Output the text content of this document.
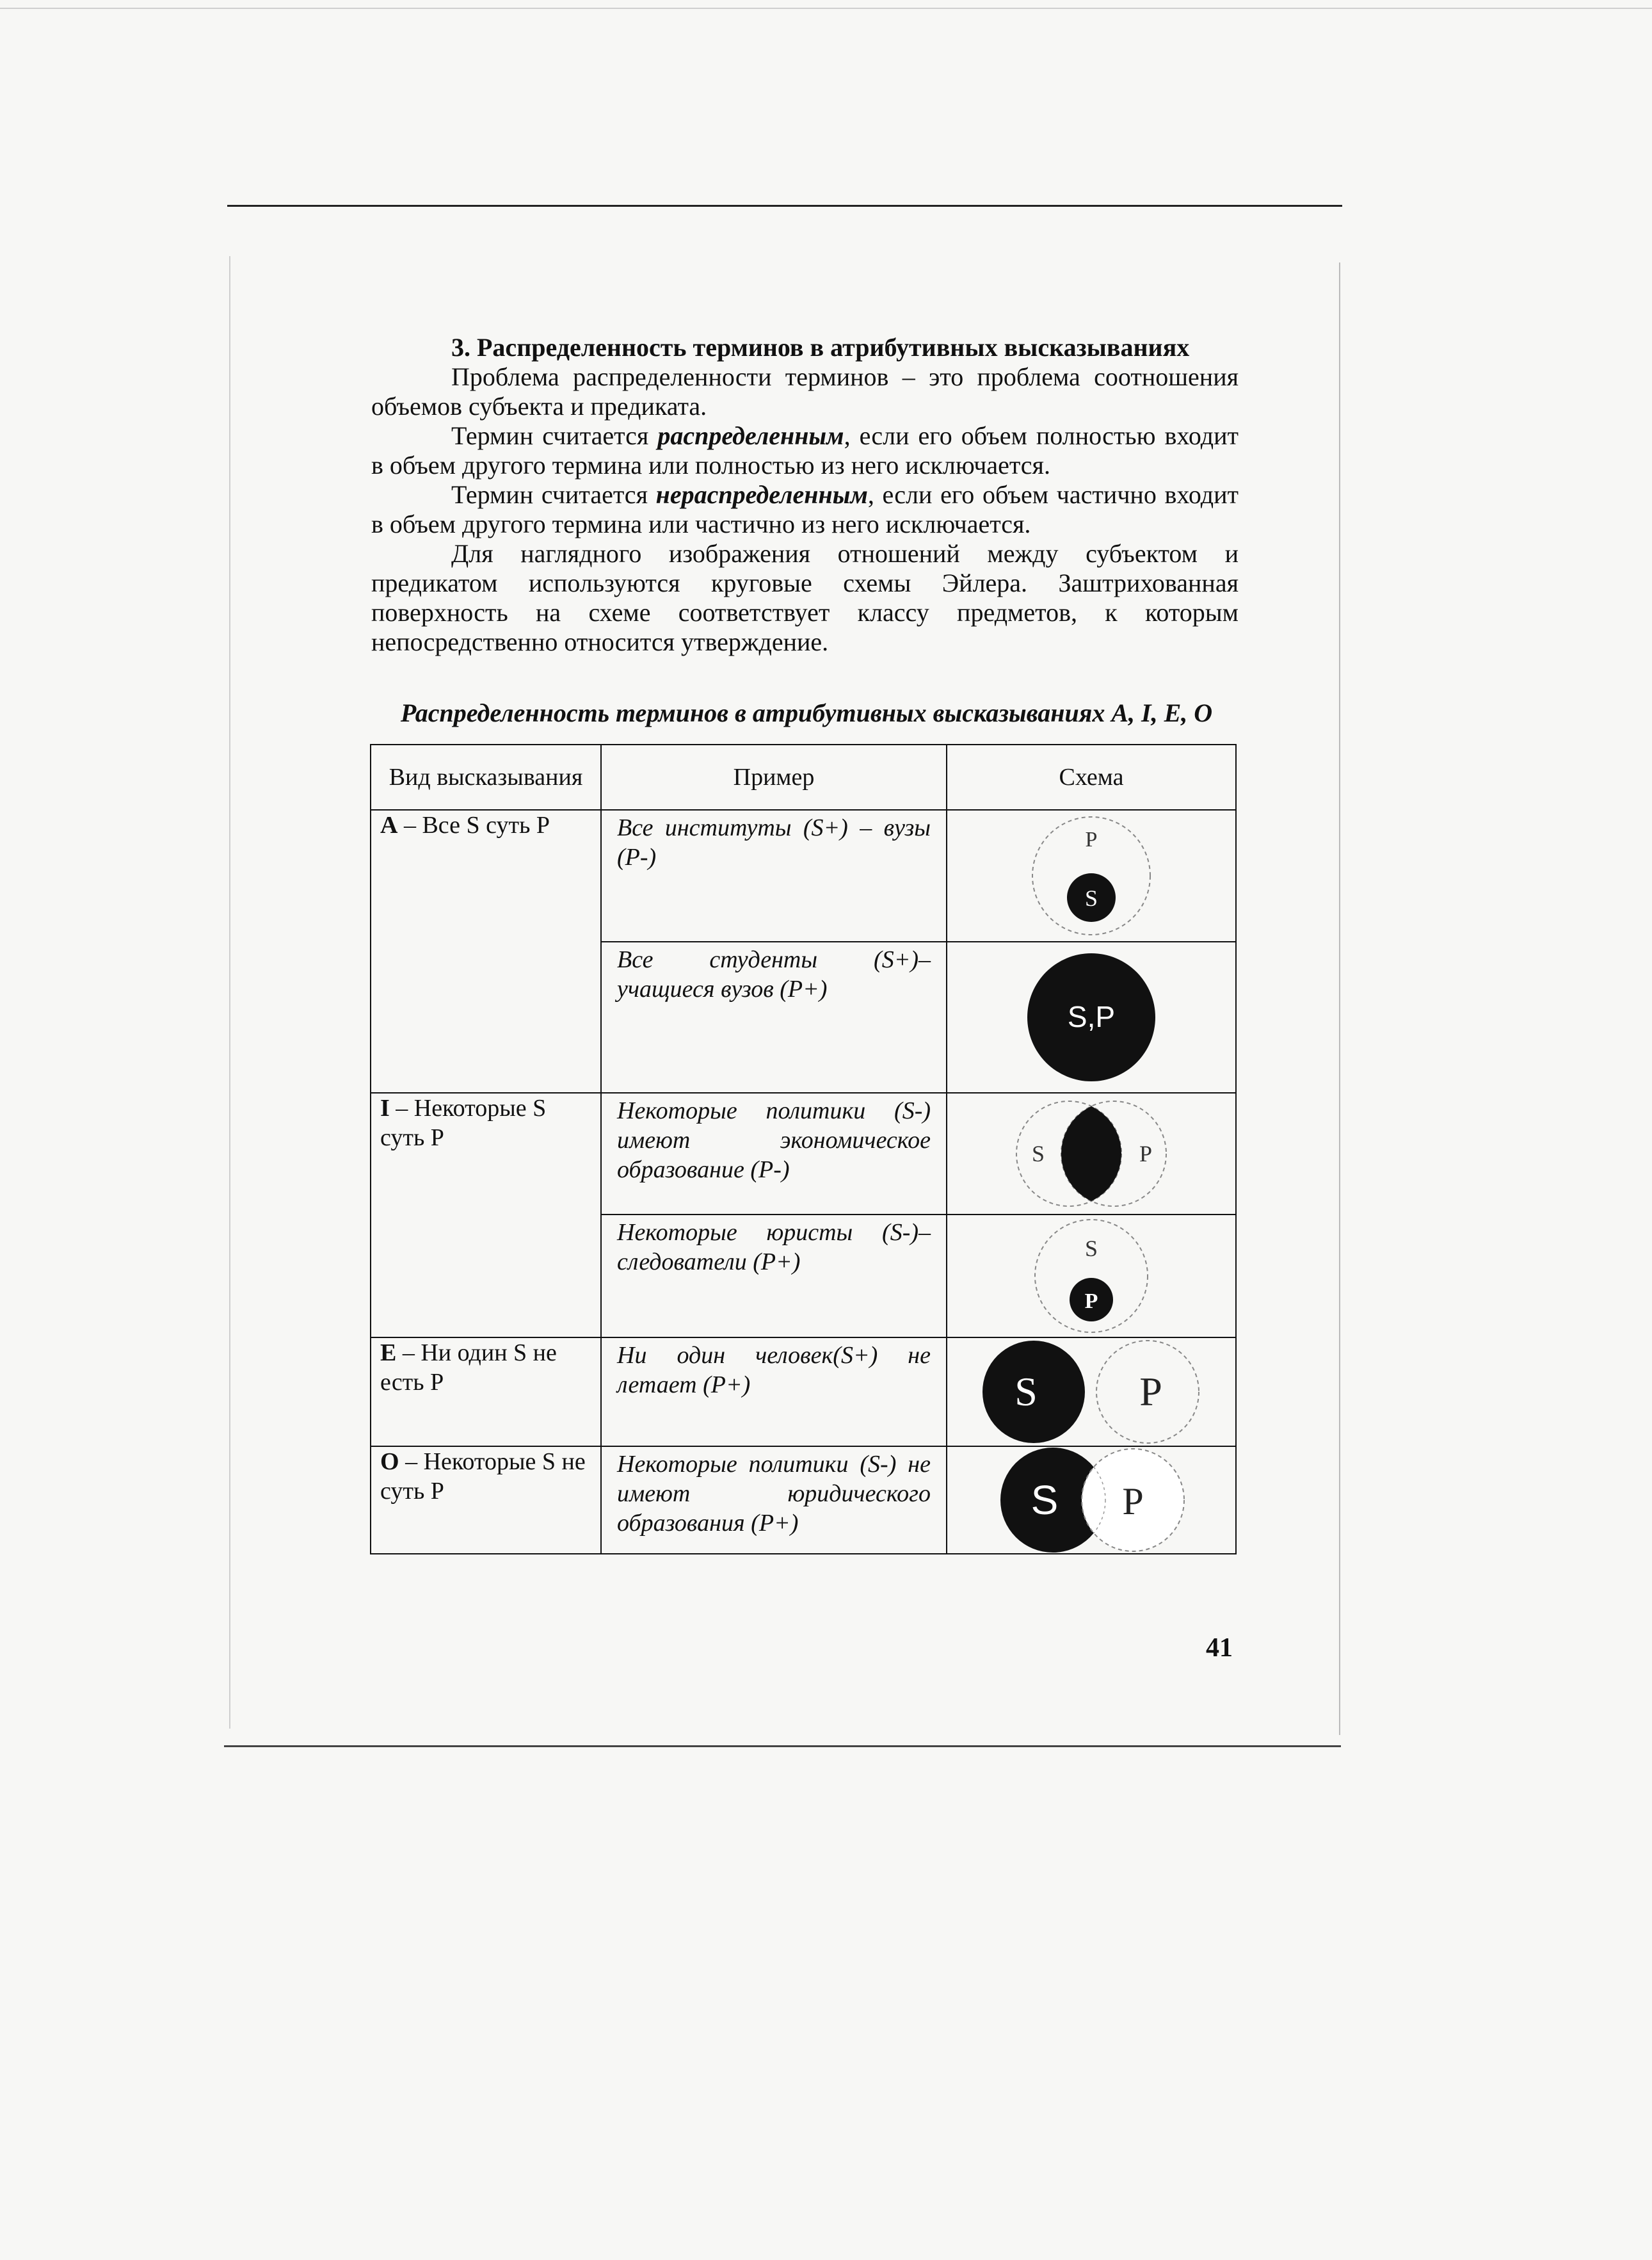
3. Распределенность терминов в атрибутивных высказываниях

Проблема распределенности терминов – это проблема соотношения объемов субъекта и предиката.

Термин считается распределенным, если его объем полностью входит в объем другого термина или полностью из него исключается.

Термин считается нераспределенным, если его объем частично входит в объем другого термина или частично из него исключается.

Для наглядного изображения отношений между субъектом и предикатом используются круговые схемы Эйлера. Заштрихованная поверхность на схеме соответствует классу предметов, к которым непосредственно относится утверждение.

Распределенность терминов в атрибутивных высказываниях A, I, E, O
Вид высказывания	Пример	Схема
A – Все S суть P	Все институты (S+) – вузы (P-)	P
S

	Все студенты (S+)– учащиеся вузов (P+)	S,P

I – Некоторые S суть P	Некоторые политики (S-) имеют экономическое образование (P-)	S P

	Некоторые юристы (S-)– следователи (P+)	S
P

E – Ни один S не есть P	Ни один человек(S+) не летает (P+)	S P

O – Некоторые S не суть P	Некоторые политики (S-) не имеют юридического образования (P+)	S P
41
